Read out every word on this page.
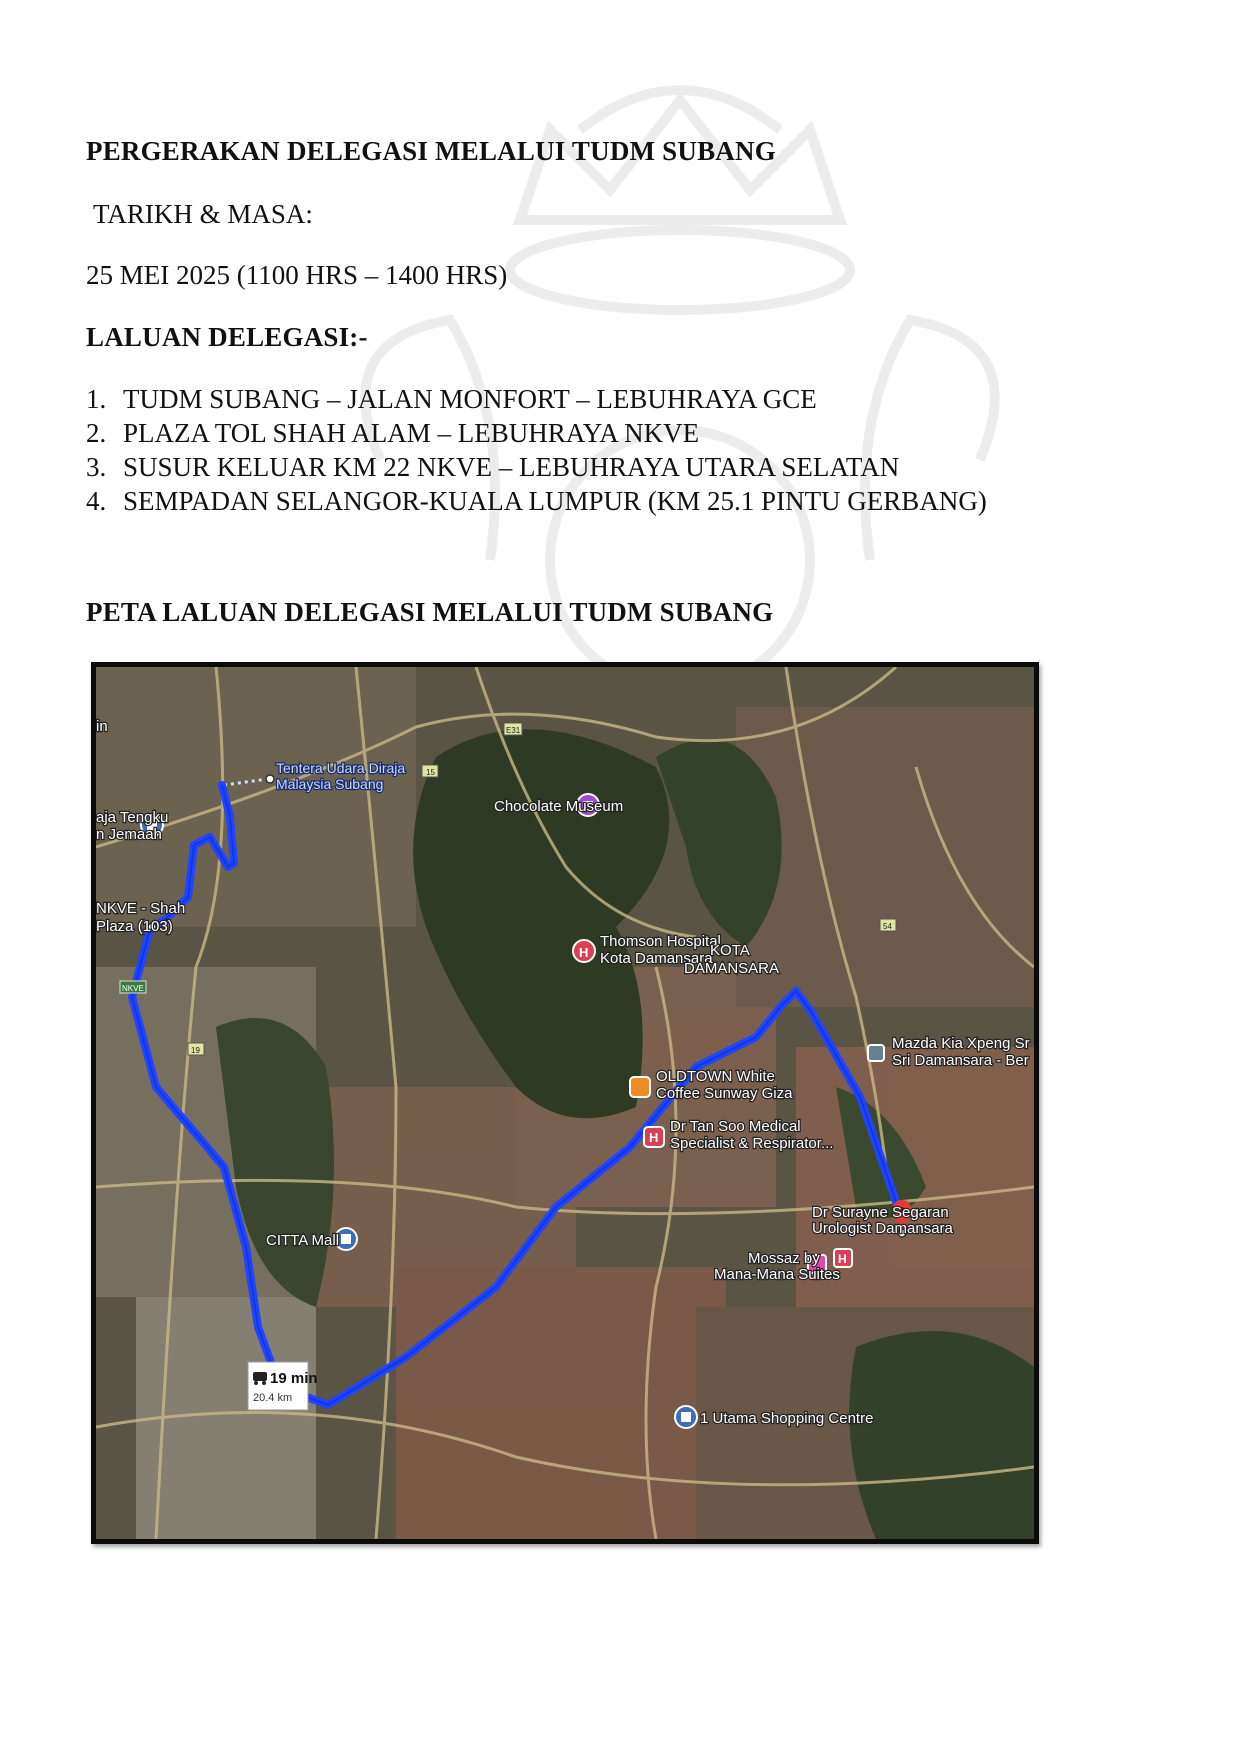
PERGERAKAN DELEGASI MELALUI TUDM SUBANG

TARIKH & MASA:

25 MEI 2025 (1100 HRS – 1400 HRS)

LALUAN DELEGASI:-
1. TUDM SUBANG – JALAN MONFORT – LEBUHRAYA GCE
2. PLAZA TOL SHAH ALAM – LEBUHRAYA NKVE
3. SUSUR KELUAR KM 22 NKVE – LEBUHRAYA UTARA SELATAN
4. SEMPADAN SELANGOR-KUALA LUMPUR (KM 25.1 PINTU GERBANG)
PETA LALUAN DELEGASI MELALUI TUDM SUBANG
Tentera Udara Diraja
Malaysia Subang
in
aja Tengku
n Jemaah
NKVE - Shah
Plaza (103)
Chocolate Museum
H
Thomson Hospital
Kota Damansara
KOTA
DAMANSARA
OLDTOWN White
Coffee Sunway Giza
H
Dr Tan Soo Medical
Specialist & Respirator...
CITTA Mall
Mazda Kia Xpeng Sr
Sri Damansara - Ber
Dr Surayne Segaran
Urologist Damansara
H
Mossaz by
Mana-Mana Suites
1 Utama Shopping Centre
E31
15
NKVE
19
54
19 min
20.4 km
